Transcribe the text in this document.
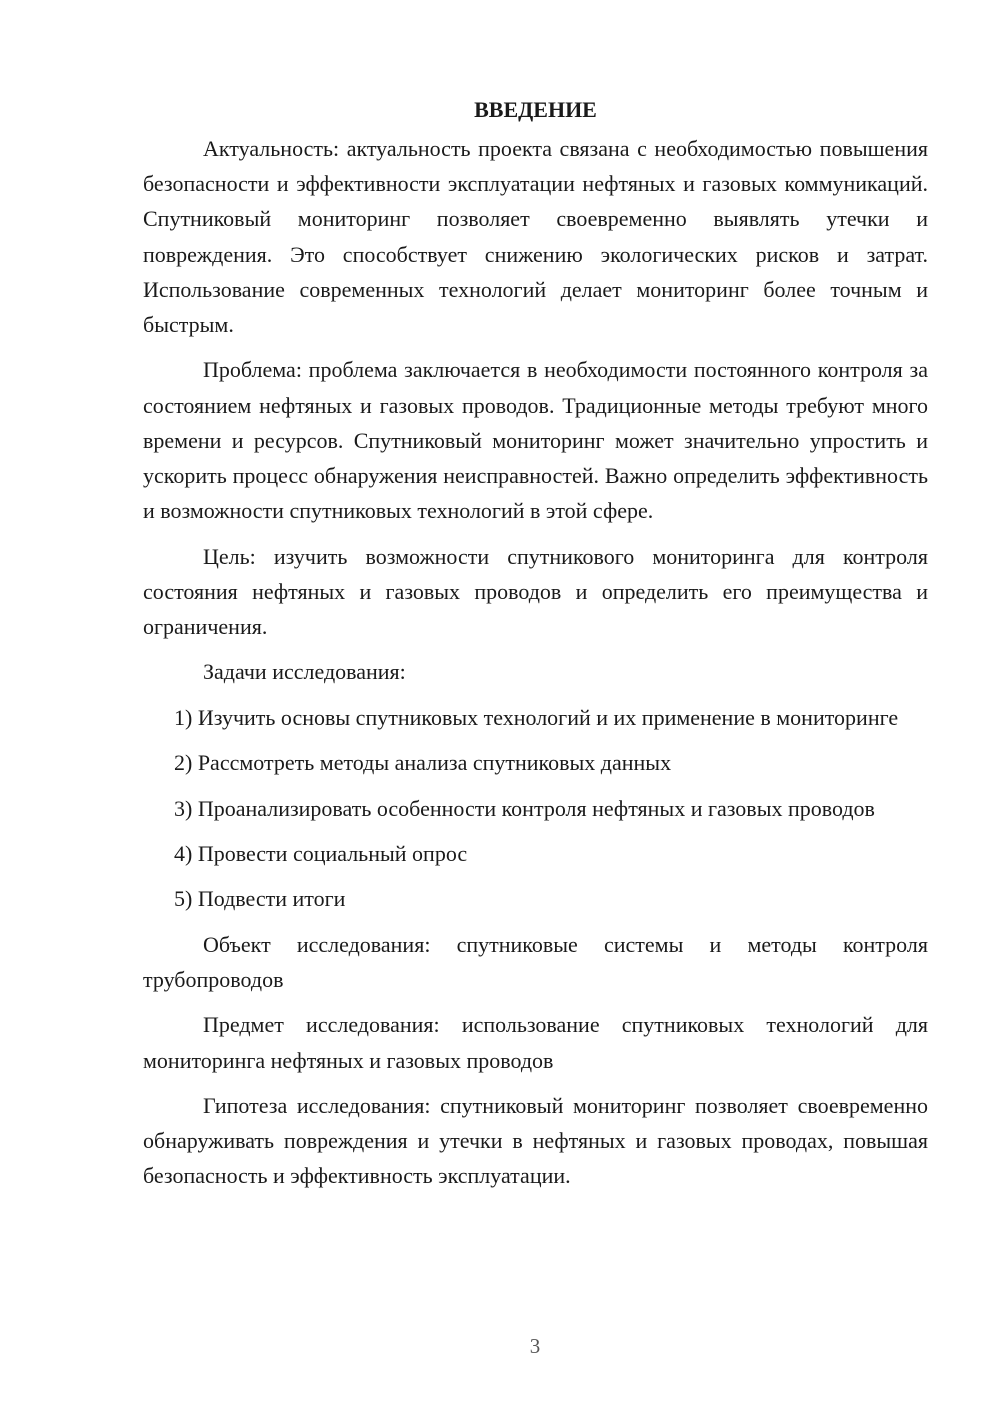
ВВЕДЕНИЕ

Актуальность: актуальность проекта связана с необходимостью повышения безопасности и эффективности эксплуатации нефтяных и газовых коммуникаций. Спутниковый мониторинг позволяет своевременно выявлять утечки и повреждения. Это способствует снижению экологических рисков и затрат. Использование современных технологий делает мониторинг более точным и быстрым.

Проблема: проблема заключается в необходимости постоянного контроля за состоянием нефтяных и газовых проводов. Традиционные методы требуют много времени и ресурсов. Спутниковый мониторинг может значительно упростить и ускорить процесс обнаружения неисправностей. Важно определить эффективность и возможности спутниковых технологий в этой сфере.

Цель: изучить возможности спутникового мониторинга для контроля состояния нефтяных и газовых проводов и определить его преимущества и ограничения.

Задачи исследования:

1) Изучить основы спутниковых технологий и их применение в мониторинге

2) Рассмотреть методы анализа спутниковых данных

3) Проанализировать особенности контроля нефтяных и газовых проводов

4) Провести социальный опрос

5) Подвести итоги

Объект исследования: спутниковые системы и методы контроля трубопроводов

Предмет исследования: использование спутниковых технологий для мониторинга нефтяных и газовых проводов

Гипотеза исследования: спутниковый мониторинг позволяет своевременно обнаруживать повреждения и утечки в нефтяных и газовых проводах, повышая безопасность и эффективность эксплуатации.

3
